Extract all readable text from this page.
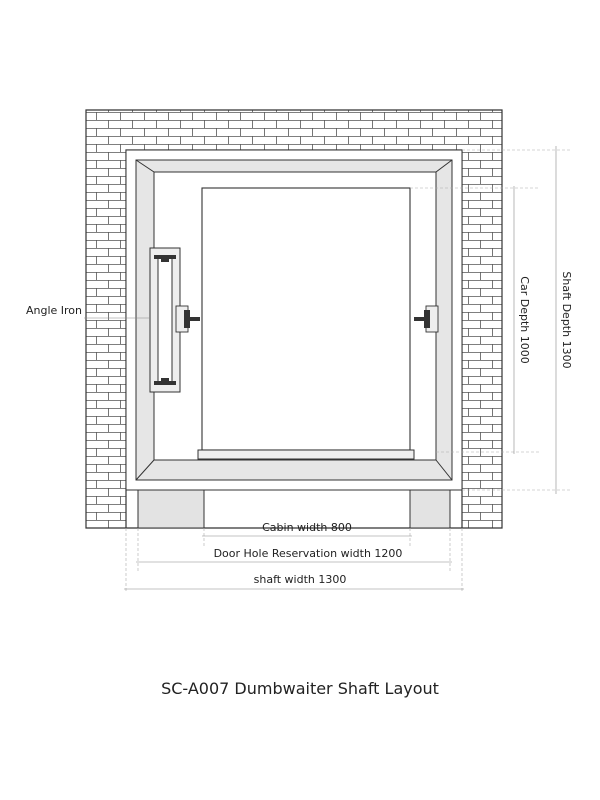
Angle Iron
Cabin width 800
Door Hole Reservation width 1200
shaft width 1300
Car Depth 1000	Shaft Depth 1300
SC-A007 Dumbwaiter Shaft Layout
